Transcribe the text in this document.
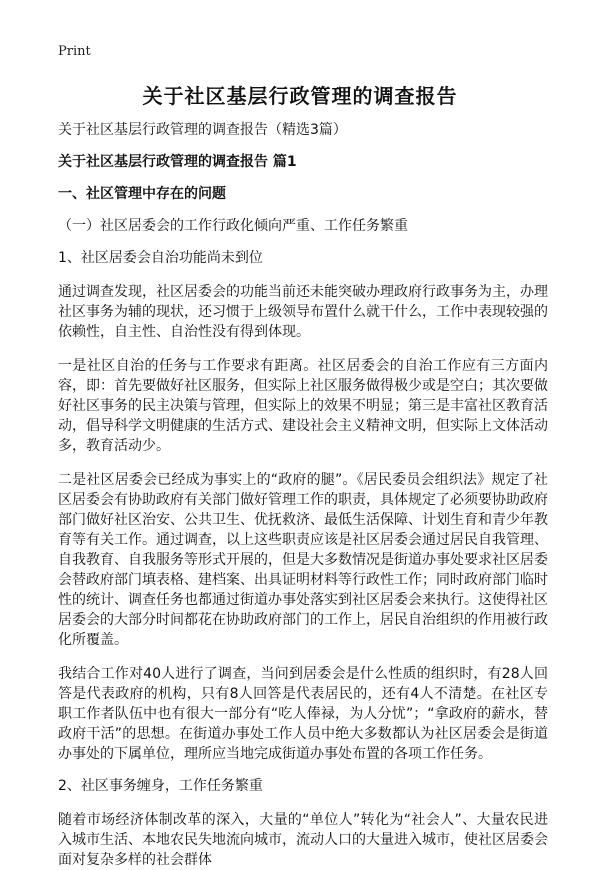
Print
关于社区基层行政管理的调查报告

关于社区基层行政管理的调查报告（精选3篇）

关于社区基层行政管理的调查报告 篇1

一、社区管理中存在的问题

（一）社区居委会的工作行政化倾向严重、工作任务繁重

1、社区居委会自治功能尚未到位

通过调查发现，社区居委会的功能当前还未能突破办理政府行政事务为主，办理社区事务为辅的现状，还习惯于上级领导布置什么就干什么，工作中表现较强的依赖性，自主性、自治性没有得到体现。

一是社区自治的任务与工作要求有距离。社区居委会的自治工作应有三方面内容，即：首先要做好社区服务，但实际上社区服务做得极少或是空白；其次要做好社区事务的民主决策与管理，但实际上的效果不明显；第三是丰富社区教育活动，倡导科学文明健康的生活方式、建设社会主义精神文明，但实际上文体活动多，教育活动少。

二是社区居委会已经成为事实上的“政府的腿”。《居民委员会组织法》规定了社区居委会有协助政府有关部门做好管理工作的职责，具体规定了必须要协助政府部门做好社区治安、公共卫生、优抚救济、最低生活保障、计划生育和青少年教育等有关工作。通过调查，以上这些职责应该是社区居委会通过居民自我管理、自我教育、自我服务等形式开展的，但是大多数情况是街道办事处要求社区居委会替政府部门填表格、建档案、出具证明材料等行政性工作；同时政府部门临时性的统计、调查任务也都通过街道办事处落实到社区居委会来执行。这使得社区居委会的大部分时间都花在协助政府部门的工作上，居民自治组织的作用被行政化所覆盖。

我结合工作对40人进行了调查，当问到居委会是什么性质的组织时，有28人回答是代表政府的机构，只有8人回答是代表居民的，还有4人不清楚。在社区专职工作者队伍中也有很大一部分有“吃人俸禄，为人分忧”；“拿政府的薪水，替政府干活”的思想。在街道办事处工作人员中绝大多数都认为社区居委会是街道办事处的下属单位，理所应当地完成街道办事处布置的各项工作任务。

2、社区事务缠身，工作任务繁重

随着市场经济体制改革的深入，大量的“单位人”转化为“社会人”、大量农民进入城市生活、本地农民失地流向城市，流动人口的大量进入城市，使社区居委会面对复杂多样的社会群体
